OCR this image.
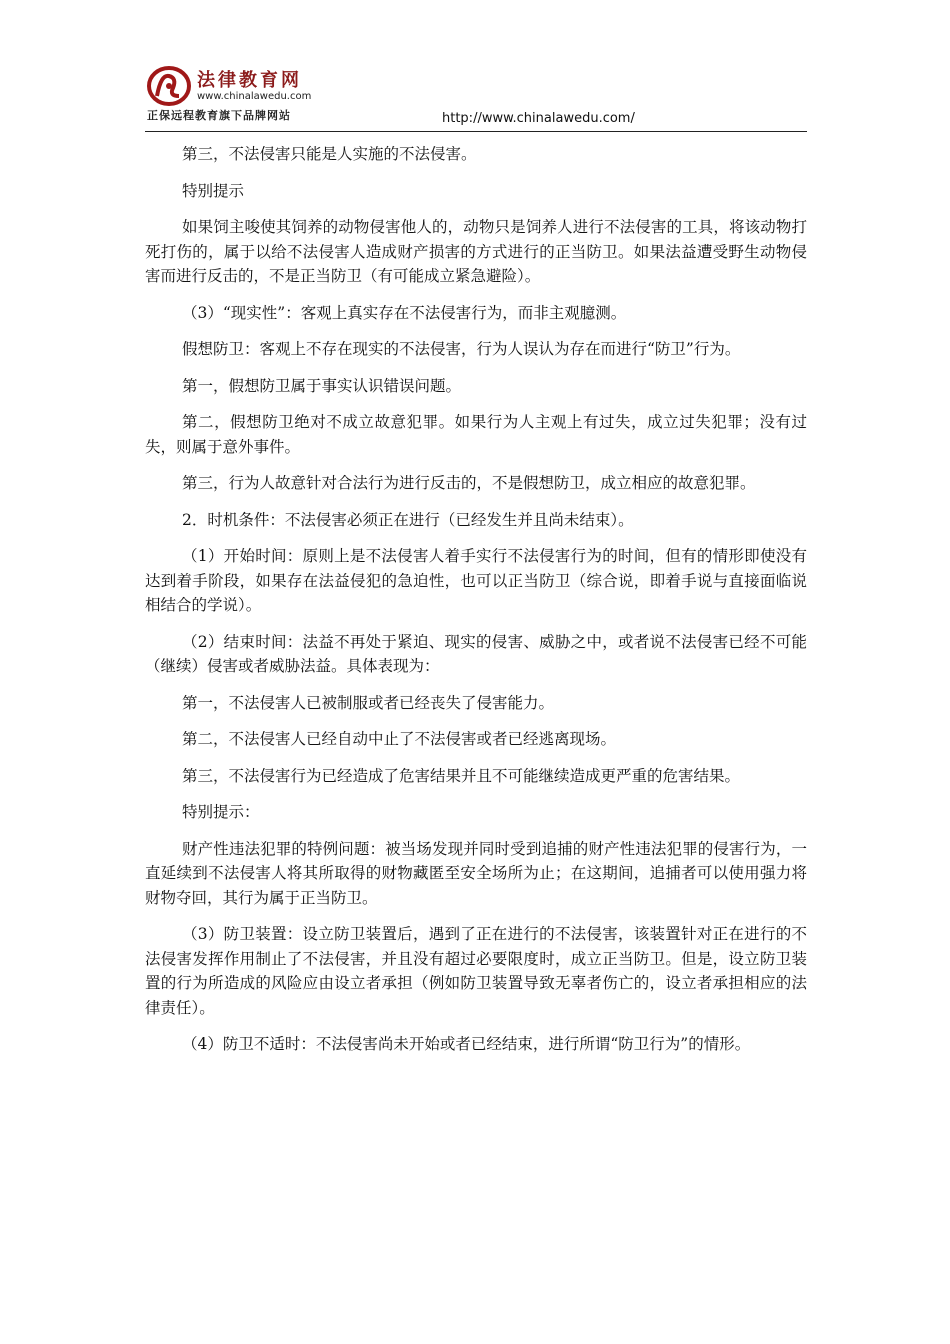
法律教育网
www.chinalawedu.com
正保远程教育旗下品牌网站	http://www.chinalawedu.com/

第三，不法侵害只能是人实施的不法侵害。

特别提示

如果饲主唆使其饲养的动物侵害他人的，动物只是饲养人进行不法侵害的工具，将该动物打死打伤的，属于以给不法侵害人造成财产损害的方式进行的正当防卫。如果法益遭受野生动物侵害而进行反击的，不是正当防卫（有可能成立紧急避险）。

（3）“现实性”：客观上真实存在不法侵害行为，而非主观臆测。

假想防卫：客观上不存在现实的不法侵害，行为人误认为存在而进行“防卫”行为。

第一，假想防卫属于事实认识错误问题。

第二，假想防卫绝对不成立故意犯罪。如果行为人主观上有过失，成立过失犯罪；没有过失，则属于意外事件。

第三，行为人故意针对合法行为进行反击的，不是假想防卫，成立相应的故意犯罪。

2．时机条件：不法侵害必须正在进行（已经发生并且尚未结束）。

（1）开始时间：原则上是不法侵害人着手实行不法侵害行为的时间，但有的情形即使没有达到着手阶段，如果存在法益侵犯的急迫性，也可以正当防卫（综合说，即着手说与直接面临说相结合的学说）。

（2）结束时间：法益不再处于紧迫、现实的侵害、威胁之中，或者说不法侵害已经不可能（继续）侵害或者威胁法益。具体表现为：

第一，不法侵害人已被制服或者已经丧失了侵害能力。

第二，不法侵害人已经自动中止了不法侵害或者已经逃离现场。

第三，不法侵害行为已经造成了危害结果并且不可能继续造成更严重的危害结果。

特别提示：

财产性违法犯罪的特例问题：被当场发现并同时受到追捕的财产性违法犯罪的侵害行为，一直延续到不法侵害人将其所取得的财物藏匿至安全场所为止；在这期间，追捕者可以使用强力将财物夺回，其行为属于正当防卫。

（3）防卫装置：设立防卫装置后，遇到了正在进行的不法侵害，该装置针对正在进行的不法侵害发挥作用制止了不法侵害，并且没有超过必要限度时，成立正当防卫。但是，设立防卫装置的行为所造成的风险应由设立者承担（例如防卫装置导致无辜者伤亡的，设立者承担相应的法律责任）。

（4）防卫不适时：不法侵害尚未开始或者已经结束，进行所谓“防卫行为”的情形。
